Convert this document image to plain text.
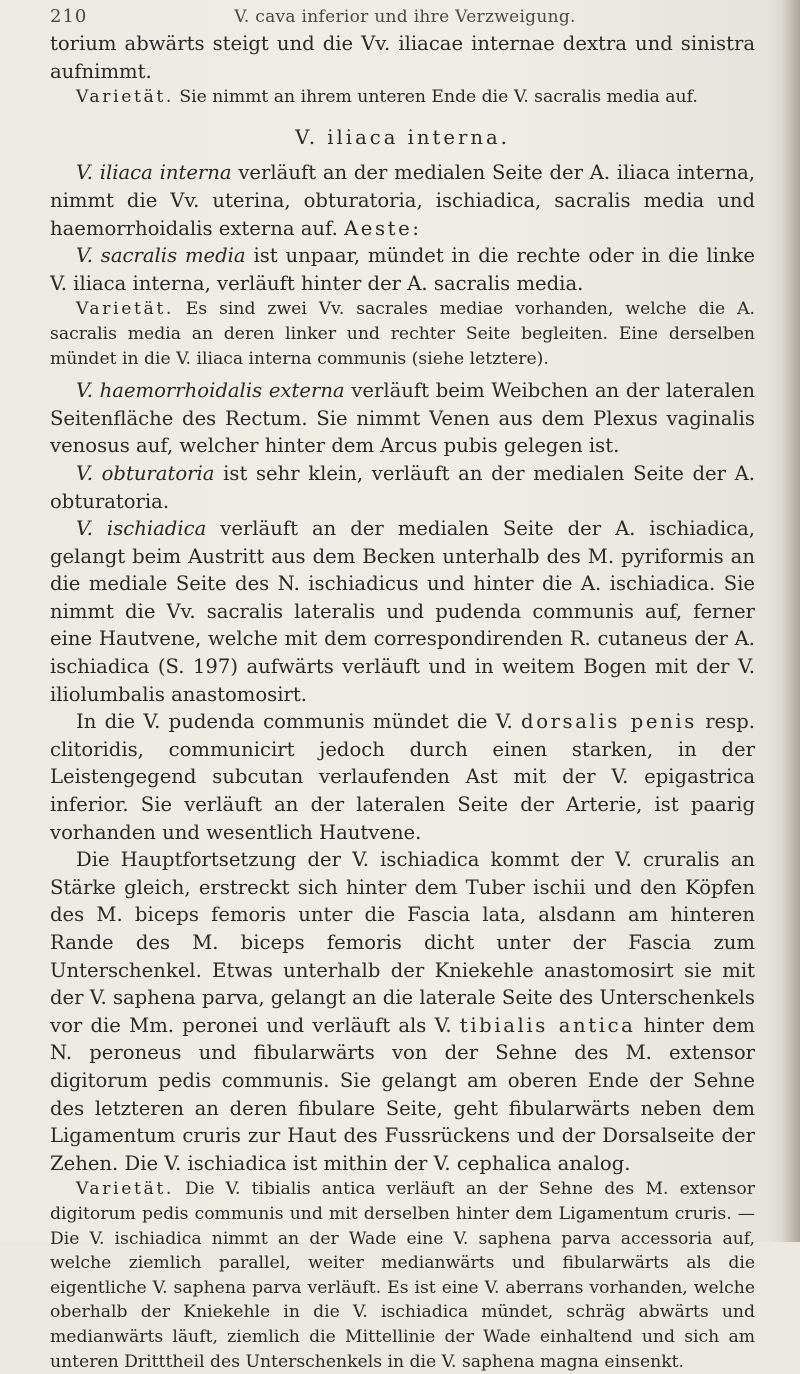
210	V. cava inferior und ihre Verzweigung.

torium abwärts steigt und die Vv. iliacae internae dextra und sinistra aufnimmt.

Varietät. Sie nimmt an ihrem unteren Ende die V. sacralis media auf.

V. iliaca interna.

V. iliaca interna verläuft an der medialen Seite der A. iliaca interna, nimmt die Vv. uterina, obturatoria, ischiadica, sacralis media und haemorrhoidalis externa auf. Aeste:

V. sacralis media ist unpaar, mündet in die rechte oder in die linke V. iliaca interna, verläuft hinter der A. sacralis media.

Varietät. Es sind zwei Vv. sacrales mediae vorhanden, welche die A. sacralis media an deren linker und rechter Seite begleiten. Eine derselben mündet in die V. iliaca interna communis (siehe letztere).

V. haemorrhoidalis externa verläuft beim Weibchen an der lateralen Seitenfläche des Rectum. Sie nimmt Venen aus dem Plexus vaginalis venosus auf, welcher hinter dem Arcus pubis gelegen ist.

V. obturatoria ist sehr klein, verläuft an der medialen Seite der A. obturatoria.

V. ischiadica verläuft an der medialen Seite der A. ischiadica, gelangt beim Austritt aus dem Becken unterhalb des M. pyriformis an die mediale Seite des N. ischiadicus und hinter die A. ischiadica. Sie nimmt die Vv. sacralis lateralis und pudenda communis auf, ferner eine Hautvene, welche mit dem correspondirenden R. cutaneus der A. ischiadica (S. 197) aufwärts verläuft und in weitem Bogen mit der V. iliolumbalis anastomosirt.

In die V. pudenda communis mündet die V. dorsalis penis resp. clitoridis, communicirt jedoch durch einen starken, in der Leistengegend subcutan verlaufenden Ast mit der V. epigastrica inferior. Sie verläuft an der lateralen Seite der Arterie, ist paarig vorhanden und wesentlich Hautvene.

Die Hauptfortsetzung der V. ischiadica kommt der V. cruralis an Stärke gleich, erstreckt sich hinter dem Tuber ischii und den Köpfen des M. biceps femoris unter die Fascia lata, alsdann am hinteren Rande des M. biceps femoris dicht unter der Fascia zum Unterschenkel. Etwas unterhalb der Kniekehle anastomosirt sie mit der V. saphena parva, gelangt an die laterale Seite des Unterschenkels vor die Mm. peronei und verläuft als V. tibialis antica hinter dem N. peroneus und fibularwärts von der Sehne des M. extensor digitorum pedis communis. Sie gelangt am oberen Ende der Sehne des letzteren an deren fibulare Seite, geht fibularwärts neben dem Ligamentum cruris zur Haut des Fussrückens und der Dorsalseite der Zehen. Die V. ischiadica ist mithin der V. cephalica analog.

Varietät. Die V. tibialis antica verläuft an der Sehne des M. extensor digitorum pedis communis und mit derselben hinter dem Ligamentum cruris. — Die V. ischiadica nimmt an der Wade eine V. saphena parva accessoria auf, welche ziemlich parallel, weiter medianwärts und fibularwärts als die eigentliche V. saphena parva verläuft. Es ist eine V. aberrans vorhanden, welche oberhalb der Kniekehle in die V. ischiadica mündet, schräg abwärts und medianwärts läuft, ziemlich die Mittellinie der Wade einhaltend und sich am unteren Dritttheil des Unterschenkels in die V. saphena magna einsenkt.
